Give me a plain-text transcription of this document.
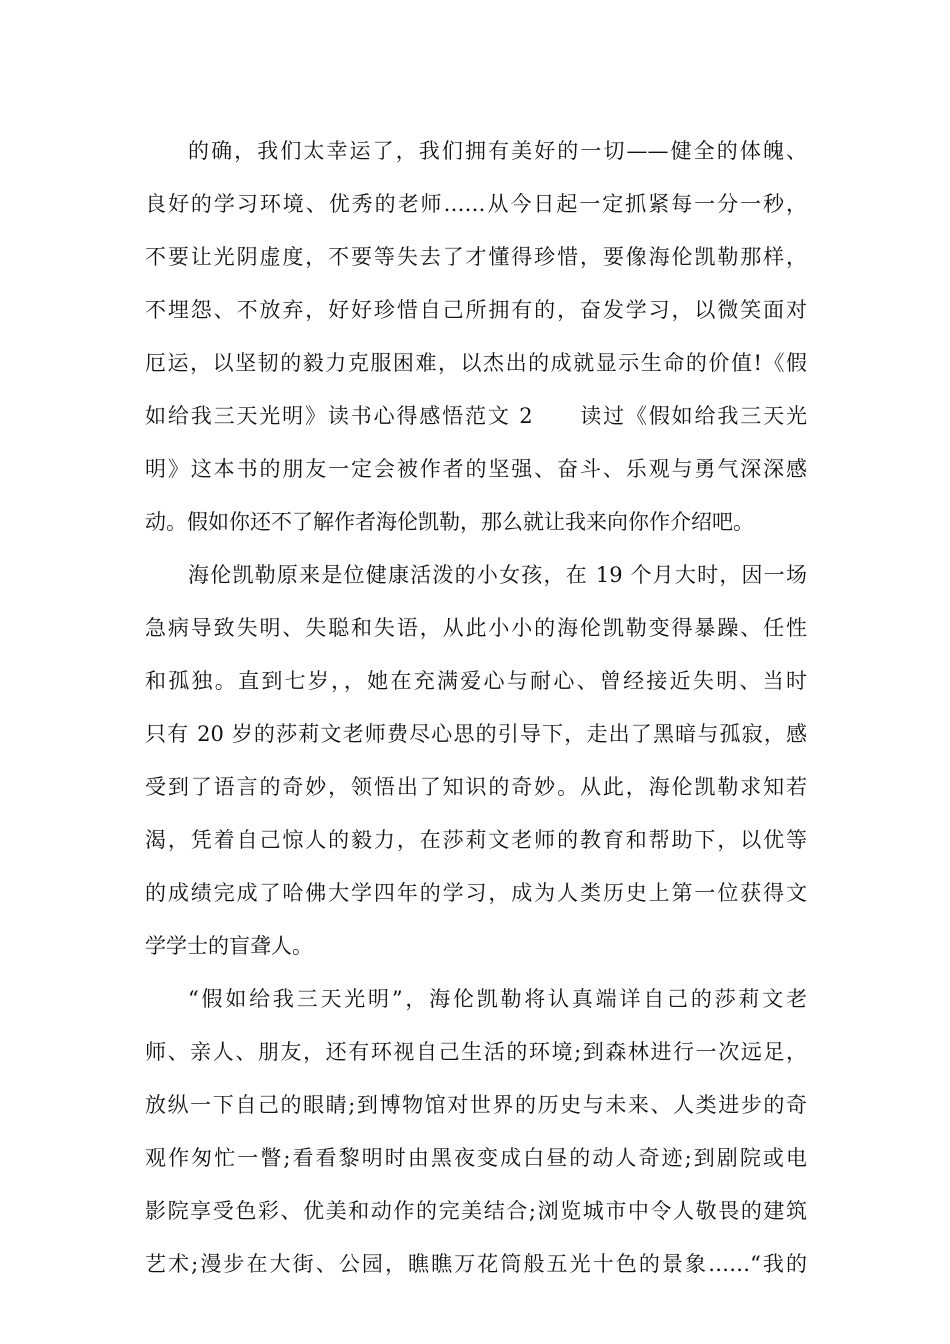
的确，我们太幸运了，我们拥有美好的一切——健全的体魄、
良好的学习环境、优秀的老师……从今日起一定抓紧每一分一秒，
不要让光阴虚度，不要等失去了才懂得珍惜，要像海伦凯勒那样，
不埋怨、不放弃，好好珍惜自己所拥有的，奋发学习，以微笑面对
厄运，以坚韧的毅力克服困难，以杰出的成就显示生命的价值!《假
如给我三天光明》读书心得感悟范文 2　　读过《假如给我三天光
明》这本书的朋友一定会被作者的坚强、奋斗、乐观与勇气深深感
动。假如你还不了解作者海伦凯勒，那么就让我来向你作介绍吧。
海伦凯勒原来是位健康活泼的小女孩，在 19 个月大时，因一场
急病导致失明、失聪和失语，从此小小的海伦凯勒变得暴躁、任性
和孤独。直到七岁，，她在充满爱心与耐心、曾经接近失明、当时
只有 20 岁的莎莉文老师费尽心思的引导下，走出了黑暗与孤寂，感
受到了语言的奇妙，领悟出了知识的奇妙。从此，海伦凯勒求知若
渴，凭着自己惊人的毅力，在莎莉文老师的教育和帮助下，以优等
的成绩完成了哈佛大学四年的学习，成为人类历史上第一位获得文
学学士的盲聋人。
“假如给我三天光明”，海伦凯勒将认真端详自己的莎莉文老
师、亲人、朋友，还有环视自己生活的环境;到森林进行一次远足，
放纵一下自己的眼睛;到博物馆对世界的历史与未来、人类进步的奇
观作匆忙一瞥;看看黎明时由黑夜变成白昼的动人奇迹;到剧院或电
影院享受色彩、优美和动作的完美结合;浏览城市中令人敬畏的建筑
艺术;漫步在大街、公园，瞧瞧万花筒般五光十色的景象……“我的
